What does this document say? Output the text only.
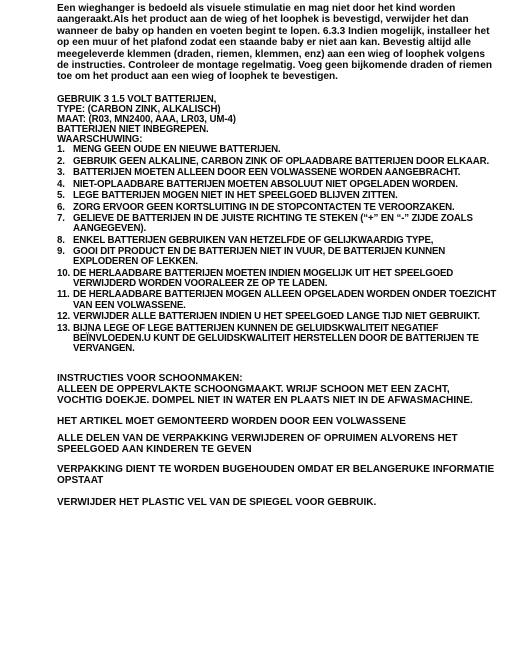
Een wieghanger is bedoeld als visuele stimulatie en mag niet door het kind worden aangeraakt.Als het product aan de wieg of het loophek is bevestigd, verwijder het dan wanneer de baby op handen en voeten begint te lopen. 6.3.3 Indien mogelijk, installeer het op een muur of het plafond zodat een staande baby er niet aan kan. Bevestig altijd alle meegeleverde klemmen (draden, riemen, klemmen, enz) aan een wieg of loophek volgens de instructies. Controleer de montage regelmatig. Voeg geen bijkomende draden of riemen toe om het product aan een wieg of loophek te bevestigen.

GEBRUIK 3 1.5 VOLT BATTERIJEN,
TYPE: (CARBON ZINK, ALKALISCH)
MAAT: (R03, MN2400, AAA, LR03, UM-4)
BATTERIJEN NIET INBEGREPEN.
WAARSCHUWING:
1. MENG GEEN OUDE EN NIEUWE BATTERIJEN.
2. GEBRUIK GEEN ALKALINE, CARBON ZINK OF OPLAADBARE BATTERIJEN DOOR ELKAAR.
3. BATTERIJEN MOETEN ALLEEN DOOR EEN VOLWASSENE WORDEN AANGEBRACHT.
4. NIET-OPLAADBARE BATTERIJEN MOETEN ABSOLUUT NIET OPGELADEN WORDEN.
5. LEGE BATTERIJEN MOGEN NIET IN HET SPEELGOED BLIJVEN ZITTEN.
6. ZORG ERVOOR GEEN KORTSLUITING IN DE STOPCONTACTEN TE VEROORZAKEN.
7. GELIEVE DE BATTERIJEN IN DE JUISTE RICHTING TE STEKEN (“+” EN “-” ZIJDE ZOALS AANGEGEVEN).
8. ENKEL BATTERIJEN GEBRUIKEN VAN HETZELFDE OF GELIJKWAARDIG TYPE,
9. GOOI DIT PRODUCT EN DE BATTERIJEN NIET IN VUUR, DE BATTERIJEN KUNNEN EXPLODEREN OF LEKKEN.
10. DE HERLAADBARE BATTERIJEN MOETEN INDIEN MOGELIJK UIT HET SPEELGOED VERWIJDERD WORDEN VOORALEER ZE OP TE LADEN.
11. DE HERLAADBARE BATTERIJEN MOGEN ALLEEN OPGELADEN WORDEN ONDER TOEZICHT VAN EEN VOLWASSENE.
12. VERWIJDER ALLE BATTERIJEN INDIEN U HET SPEELGOED LANGE TIJD NIET GEBRUIKT.
13. BIJNA LEGE OF LEGE BATTERIJEN KUNNEN DE GELUIDSKWALITEIT NEGATIEF BEÏNVLOEDEN.U KUNT DE GELUIDSKWALITEIT HERSTELLEN DOOR DE BATTERIJEN TE VERVANGEN.

INSTRUCTIES VOOR SCHOONMAKEN:

ALLEEN DE OPPERVLAKTE SCHOONGMAAKT. WRIJF SCHOON MET EEN ZACHT, VOCHTIG DOEKJE. DOMPEL NIET IN WATER EN PLAATS NIET IN DE AFWASMACHINE.

HET ARTIKEL MOET GEMONTEERD WORDEN DOOR EEN VOLWASSENE

ALLE DELEN VAN DE VERPAKKING VERWIJDEREN OF OPRUIMEN ALVORENS HET SPEELGOED AAN KINDEREN TE GEVEN

VERPAKKING DIENT TE WORDEN BUGEHOUDEN OMDAT ER BELANGERUKE INFORMATIE OPSTAAT

VERWIJDER HET PLASTIC VEL VAN DE SPIEGEL VOOR GEBRUIK.
